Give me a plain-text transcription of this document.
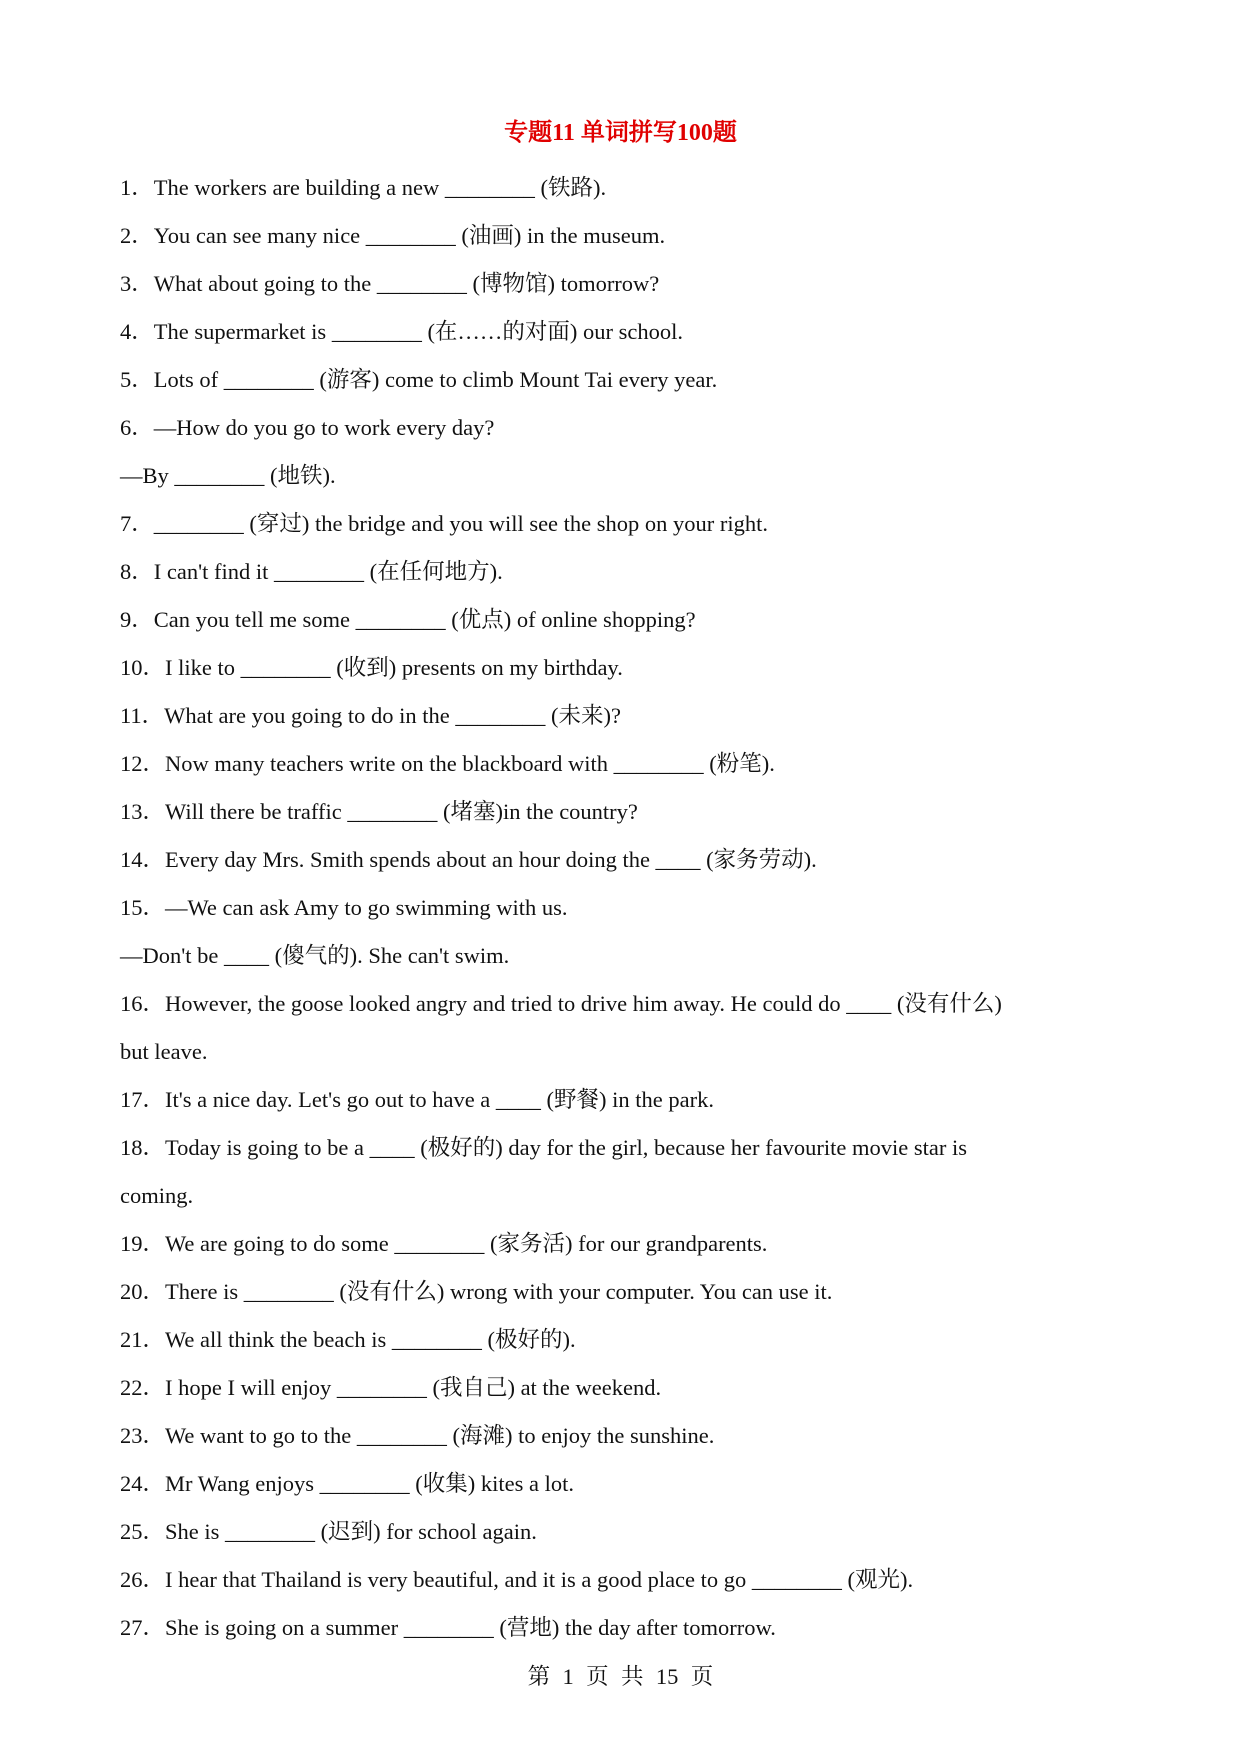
专题11 单词拼写100题
1．The workers are building a new ________ (铁路).
2．You can see many nice ________ (油画) in the museum.
3．What about going to the ________ (博物馆) tomorrow?
4．The supermarket is ________ (在……的对面) our school.
5．Lots of ________ (游客) come to climb Mount Tai every year.
6．—How do you go to work every day?
—By ________ (地铁).
7．________ (穿过) the bridge and you will see the shop on your right.
8．I can't find it ________ (在任何地方).
9．Can you tell me some ________ (优点) of online shopping?
10．I like to ________ (收到) presents on my birthday.
11．What are you going to do in the ________ (未来)?
12．Now many teachers write on the blackboard with ________ (粉笔).
13．Will there be traffic ________ (堵塞)in the country?
14．Every day Mrs. Smith spends about an hour doing the ____ (家务劳动).
15．—We can ask Amy to go swimming with us.
—Don't be ____ (傻气的). She can't swim.
16．However, the goose looked angry and tried to drive him away. He could do ____ (没有什么)
but leave.
17．It's a nice day. Let's go out to have a ____ (野餐) in the park.
18．Today is going to be a ____ (极好的) day for the girl, because her favourite movie star is
coming.
19．We are going to do some ________ (家务活) for our grandparents.
20．There is ________ (没有什么) wrong with your computer. You can use it.
21．We all think the beach is ________ (极好的).
22．I hope I will enjoy ________ (我自己) at the weekend.
23．We want to go to the ________ (海滩) to enjoy the sunshine.
24．Mr Wang enjoys ________ (收集) kites a lot.
25．She is ________ (迟到) for school again.
26．I hear that Thailand is very beautiful, and it is a good place to go ________ (观光).
27．She is going on a summer ________ (营地) the day after tomorrow.
第 1 页 共 15 页
